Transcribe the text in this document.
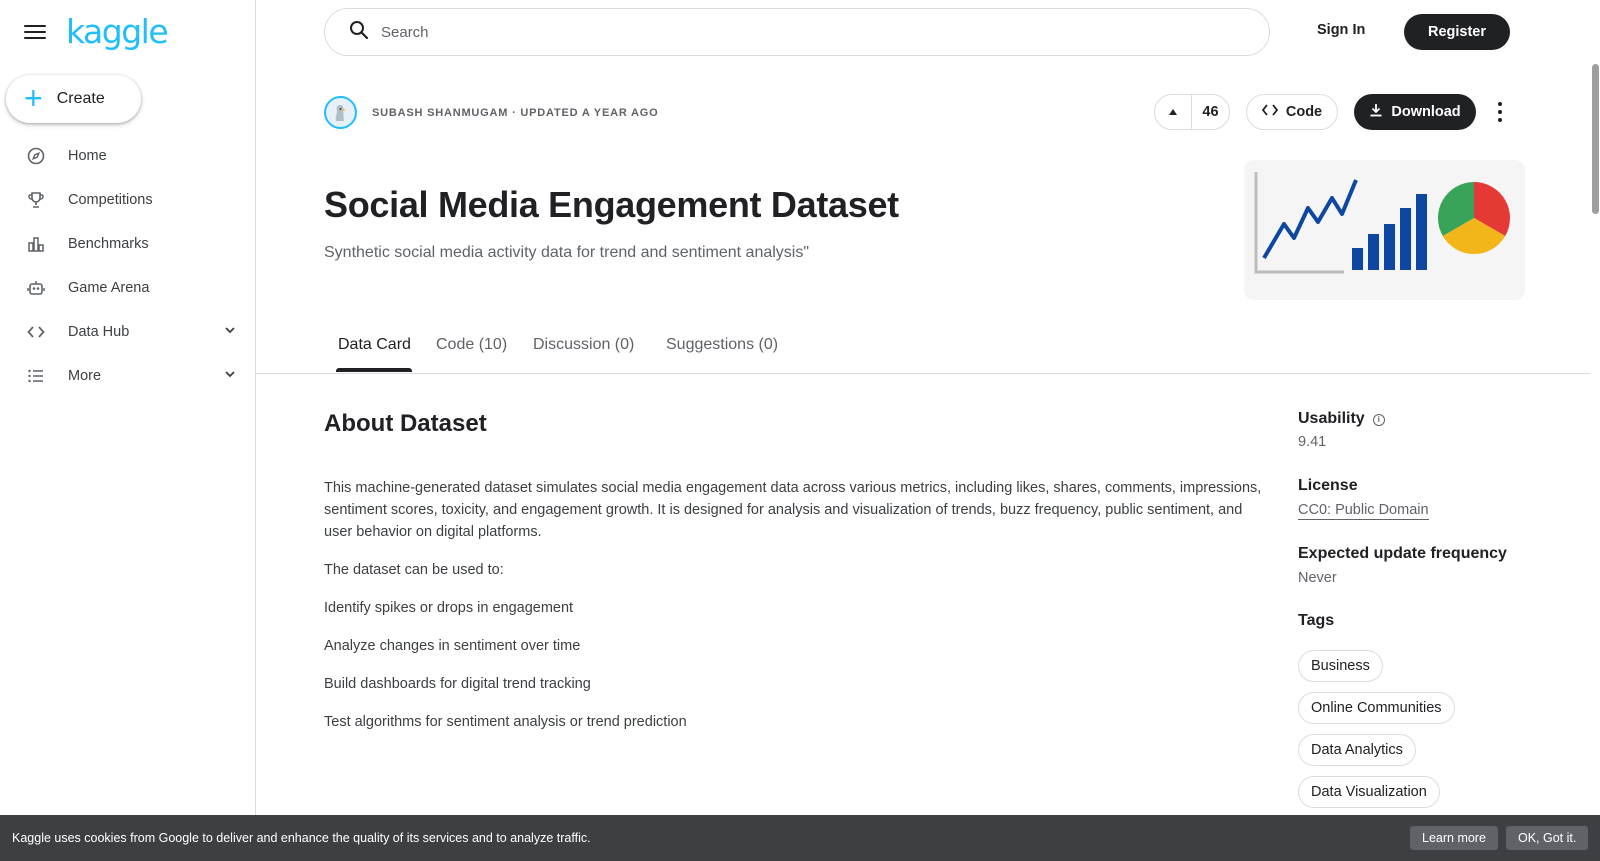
kaggle
+ Create
Home
Competitions
Benchmarks
Game Arena
Data Hub
More
Search	Sign In	Register
SUBASH SHANMUGAM · UPDATED A YEAR AGO	46	Code	Download
Social Media Engagement Dataset
Synthetic social media activity data for trend and sentiment analysis"
Data Card Code (10) Discussion (0) Suggestions (0)
About Dataset

This machine-generated dataset simulates social media engagement data across various metrics, including likes, shares, comments, impressions, sentiment scores, toxicity, and engagement growth. It is designed for analysis and visualization of trends, buzz frequency, public sentiment, and user behavior on digital platforms.

The dataset can be used to:

Identify spikes or drops in engagement

Analyze changes in sentiment over time

Build dashboards for digital trend tracking

Test algorithms for sentiment analysis or trend prediction

Usability i
9.41
License
CC0: Public Domain
Expected update frequency
Never
Tags
Business
Online Communities
Data Analytics
Data Visualization
Kaggle uses cookies from Google to deliver and enhance the quality of its services and to analyze traffic.	Learn more	OK, Got it.
